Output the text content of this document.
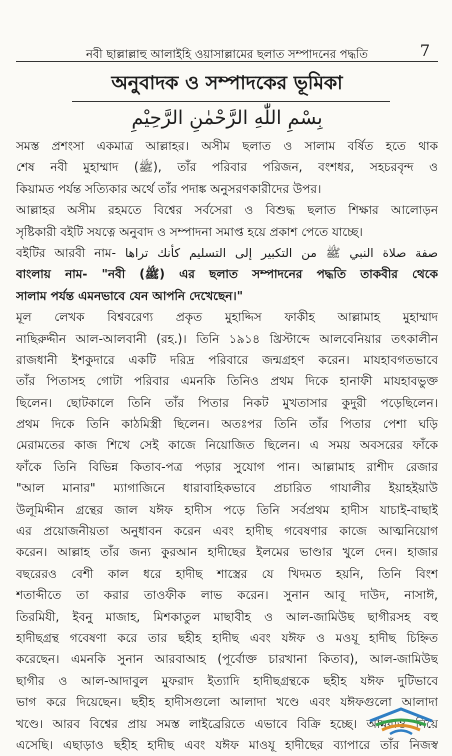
নবী ছাল্লাল্লাহু আলাইহি ওয়াসাল্লামের ছলাত সম্পাদনের পদ্ধতি	7
অনুবাদক ও সম্পাদকের ভূমিকা
بِسْمِ اللّٰهِ الرَّحْمٰنِ الرَّحِيْمِ
সমস্ত প্রশংসা একমাত্র আল্লাহর। অসীম ছলাত ও সালাম বর্ষিত হতে থাক
শেষ নবী মুহাম্মাদ (ﷺ), তাঁর পরিবার পরিজন, বংশধর, সহচরবৃন্দ ও
কিয়ামত পর্যন্ত সত্যিকার অর্থে তাঁর পদাঙ্ক অনুসরণকারীদের উপর।
আল্লাহর অসীম রহমতে বিশ্বের সর্বসেরা ও বিশুদ্ধ ছলাত শিক্ষার আলোড়ন
সৃষ্টিকারী বইটি সযত্নে অনুবাদ ও সম্পাদনা সমাপ্ত হয়ে প্রকাশ পেতে যাচ্ছে।
বইটির আরবী নাম- صفة صلاة النبي ﷺ من التكبير إلى التسليم كأنك تراها
বাংলায় নাম- "নবী (ﷺ) এর ছলাত সম্পাদনের পদ্ধতি তাকবীর থেকে
সালাম পর্যন্ত এমনভাবে যেন আপনি দেখেছেন।"
মূল লেখক বিশ্ববরেণ্য প্রকৃত মুহাদ্দিস ফাকীহ আল্লামাহ মুহাম্মাদ
নাছিরুদ্দীন আল-আলবানী (রহ.)। তিনি ১৯১৪ খ্রিস্টাব্দে আলবেনিয়ার তৎকালীন
রাজধানী ইশকুদারে একটি দরিদ্র পরিবারে জন্মগ্রহণ করেন। মাযহাবগতভাবে
তাঁর পিতাসহ গোটা পরিবার এমনকি তিনিও প্রথম দিকে হানাফী মাযহাবভুক্ত
ছিলেন। ছোটকালে তিনি তাঁর পিতার নিকট মুখতাসার কুদুরী পড়েছিলেন।
প্রথম দিকে তিনি কাঠমিস্ত্রী ছিলেন। অতঃপর তিনি তাঁর পিতার পেশা ঘড়ি
মেরামতের কাজ শিখে সেই কাজে নিয়োজিত ছিলেন। এ সময় অবসরের ফাঁকে
ফাঁকে তিনি বিভিন্ন কিতাব-পত্র পড়ার সুযোগ পান। আল্লামাহ রাশীদ রেজার
"আল মানার" ম্যাগাজিনে ধারাবাহিকভাবে প্রচারিত গাযালীর ইয়াহইয়াউ
উলূমিদ্দীন গ্রন্থের জাল যঈফ হাদীস পড়ে তিনি সর্বপ্রথম হাদীস যাচাই-বাছাই
এর প্রয়োজনীয়তা অনুধাবন করেন এবং হাদীছ গবেষণার কাজে আত্মনিয়োগ
করেন। আল্লাহ তাঁর জন্য কুরআন হাদীছের ইলমের ভাণ্ডার খুলে দেন। হাজার
বছরেরও বেশী কাল ধরে হাদীছ শাস্ত্রের যে খিদমত হয়নি, তিনি বিংশ
শতাব্দীতে তা করার তাওফীক লাভ করেন। সুনান আবূ দাউদ, নাসাঈ,
তিরমিযী, ইবনু মাজাহ, মিশকাতুল মাছাবীহ ও আল-জামিউছ ছাগীরসহ বহু
হাদীছগ্রন্থ গবেষণা করে তার ছহীহ হাদীছ এবং যঈফ ও মওযূ হাদীছ চিহ্নিত
করেছেন। এমনকি সুনান আরবাআহ (পূর্বোক্ত চারখানা কিতাব), আল-জামিউছ
ছাগীর ও আল-আদাবুল মুফরাদ ইত্যাদি হাদীছগ্রন্থকে ছহীহ যঈফ দুটিভাবে
ভাগ করে দিয়েছেন। ছহীহ হাদীসগুলো আলাদা খণ্ডে এবং যঈফগুলো আলাদা
খণ্ডে। আরব বিশ্বের প্রায় সমস্ত লাইব্রেরিতে এভাবে বিক্রি হচ্ছে। আমরাও নিয়ে
এসেছি। এছাড়াও ছহীহ হাদীছ এবং যঈফ মাওযূ হাদীছের ব্যাপারে তাঁর নিজস্ব
